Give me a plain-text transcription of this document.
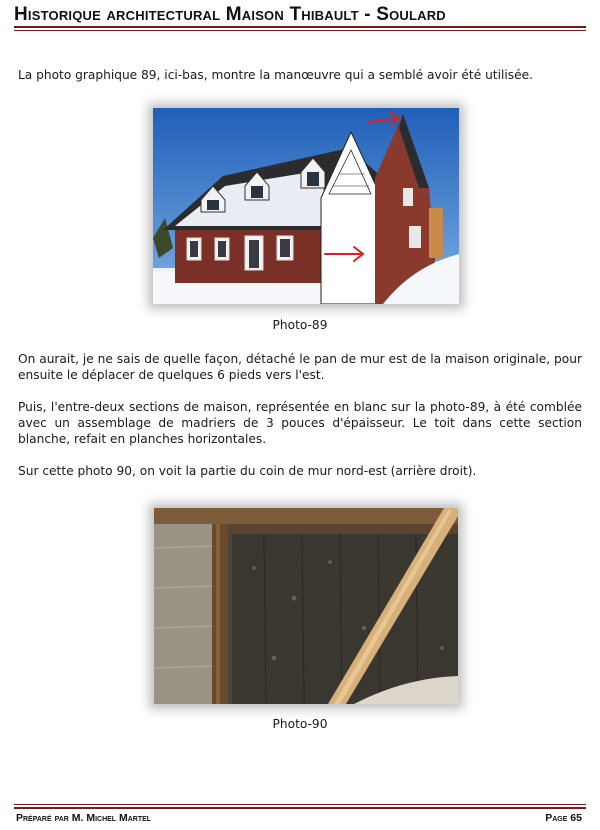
Historique architectural Maison Thibault - Soulard
La photo graphique 89, ici-bas, montre la manœuvre qui a semblé avoir été utilisée.
Photo-89
On aurait, je ne sais de quelle façon, détaché le pan de mur est de la maison originale, pour ensuite le déplacer de quelques 6 pieds vers l'est.
Puis, l'entre-deux sections de maison, représentée en blanc sur la photo-89, à été comblée avec un assemblage de madriers de 3 pouces d'épaisseur. Le toit dans cette section blanche, refait en planches horizontales.
Sur cette photo 90, on voit la partie du coin de mur nord-est (arrière droit).
Photo-90
Préparé par M. Michel Martel	Page 65
